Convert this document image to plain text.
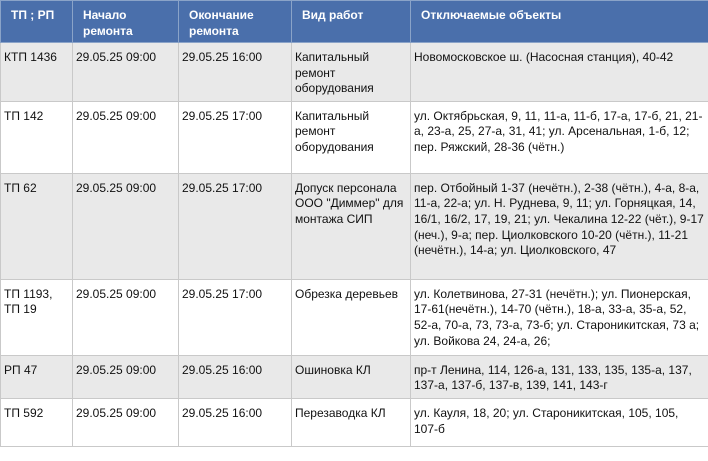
ТП ; РП	Начало ремонта	Окончание ремонта	Вид работ	Отключаемые объекты
КТП 1436	29.05.25 09:00	29.05.25 16:00	Капитальный ремонт оборудования	Новомосковское ш. (Насосная станция), 40-42
ТП 142	29.05.25 09:00	29.05.25 17:00	Капитальный ремонт оборудования	ул. Октябрьская, 9, 11, 11-а, 11-б, 17-а, 17-б, 21, 21-а, 23-а, 25, 27-а, 31, 41; ул. Арсенальная, 1-б, 12; пер. Ряжский, 28-36 (чётн.)
ТП 62	29.05.25 09:00	29.05.25 17:00	Допуск персонала ООО "Диммер" для монтажа СИП	пер. Отбойный 1-37 (нечётн.), 2-38 (чётн.), 4-а, 8-а, 11-а, 22-а; ул. Н. Руднева, 9, 11; ул. Горняцкая, 14, 16/1, 16/2, 17, 19, 21; ул. Чекалина 12-22 (чёт.), 9-17 (неч.), 9-а; пер. Циолковского 10-20 (чётн.), 11-21 (нечётн.), 14-а; ул. Циолковского, 47
ТП 1193, ТП 19	29.05.25 09:00	29.05.25 17:00	Обрезка деревьев	ул. Колетвинова, 27-31 (нечётн.); ул. Пионерская, 17-61(нечётн.), 14-70 (чётн.), 18-а, 33-а, 35-а, 52, 52-а, 70-а, 73, 73-а, 73-б; ул. Староникитская, 73 а; ул. Войкова 24, 24-а, 26;
РП 47	29.05.25 09:00	29.05.25 16:00	Ошиновка КЛ	пр-т Ленина, 114, 126-а, 131, 133, 135, 135-а, 137, 137-а, 137-б, 137-в, 139, 141, 143-г
ТП 592	29.05.25 09:00	29.05.25 16:00	Перезаводка КЛ	ул. Кауля, 18, 20; ул. Староникитская, 105, 105, 107-б
